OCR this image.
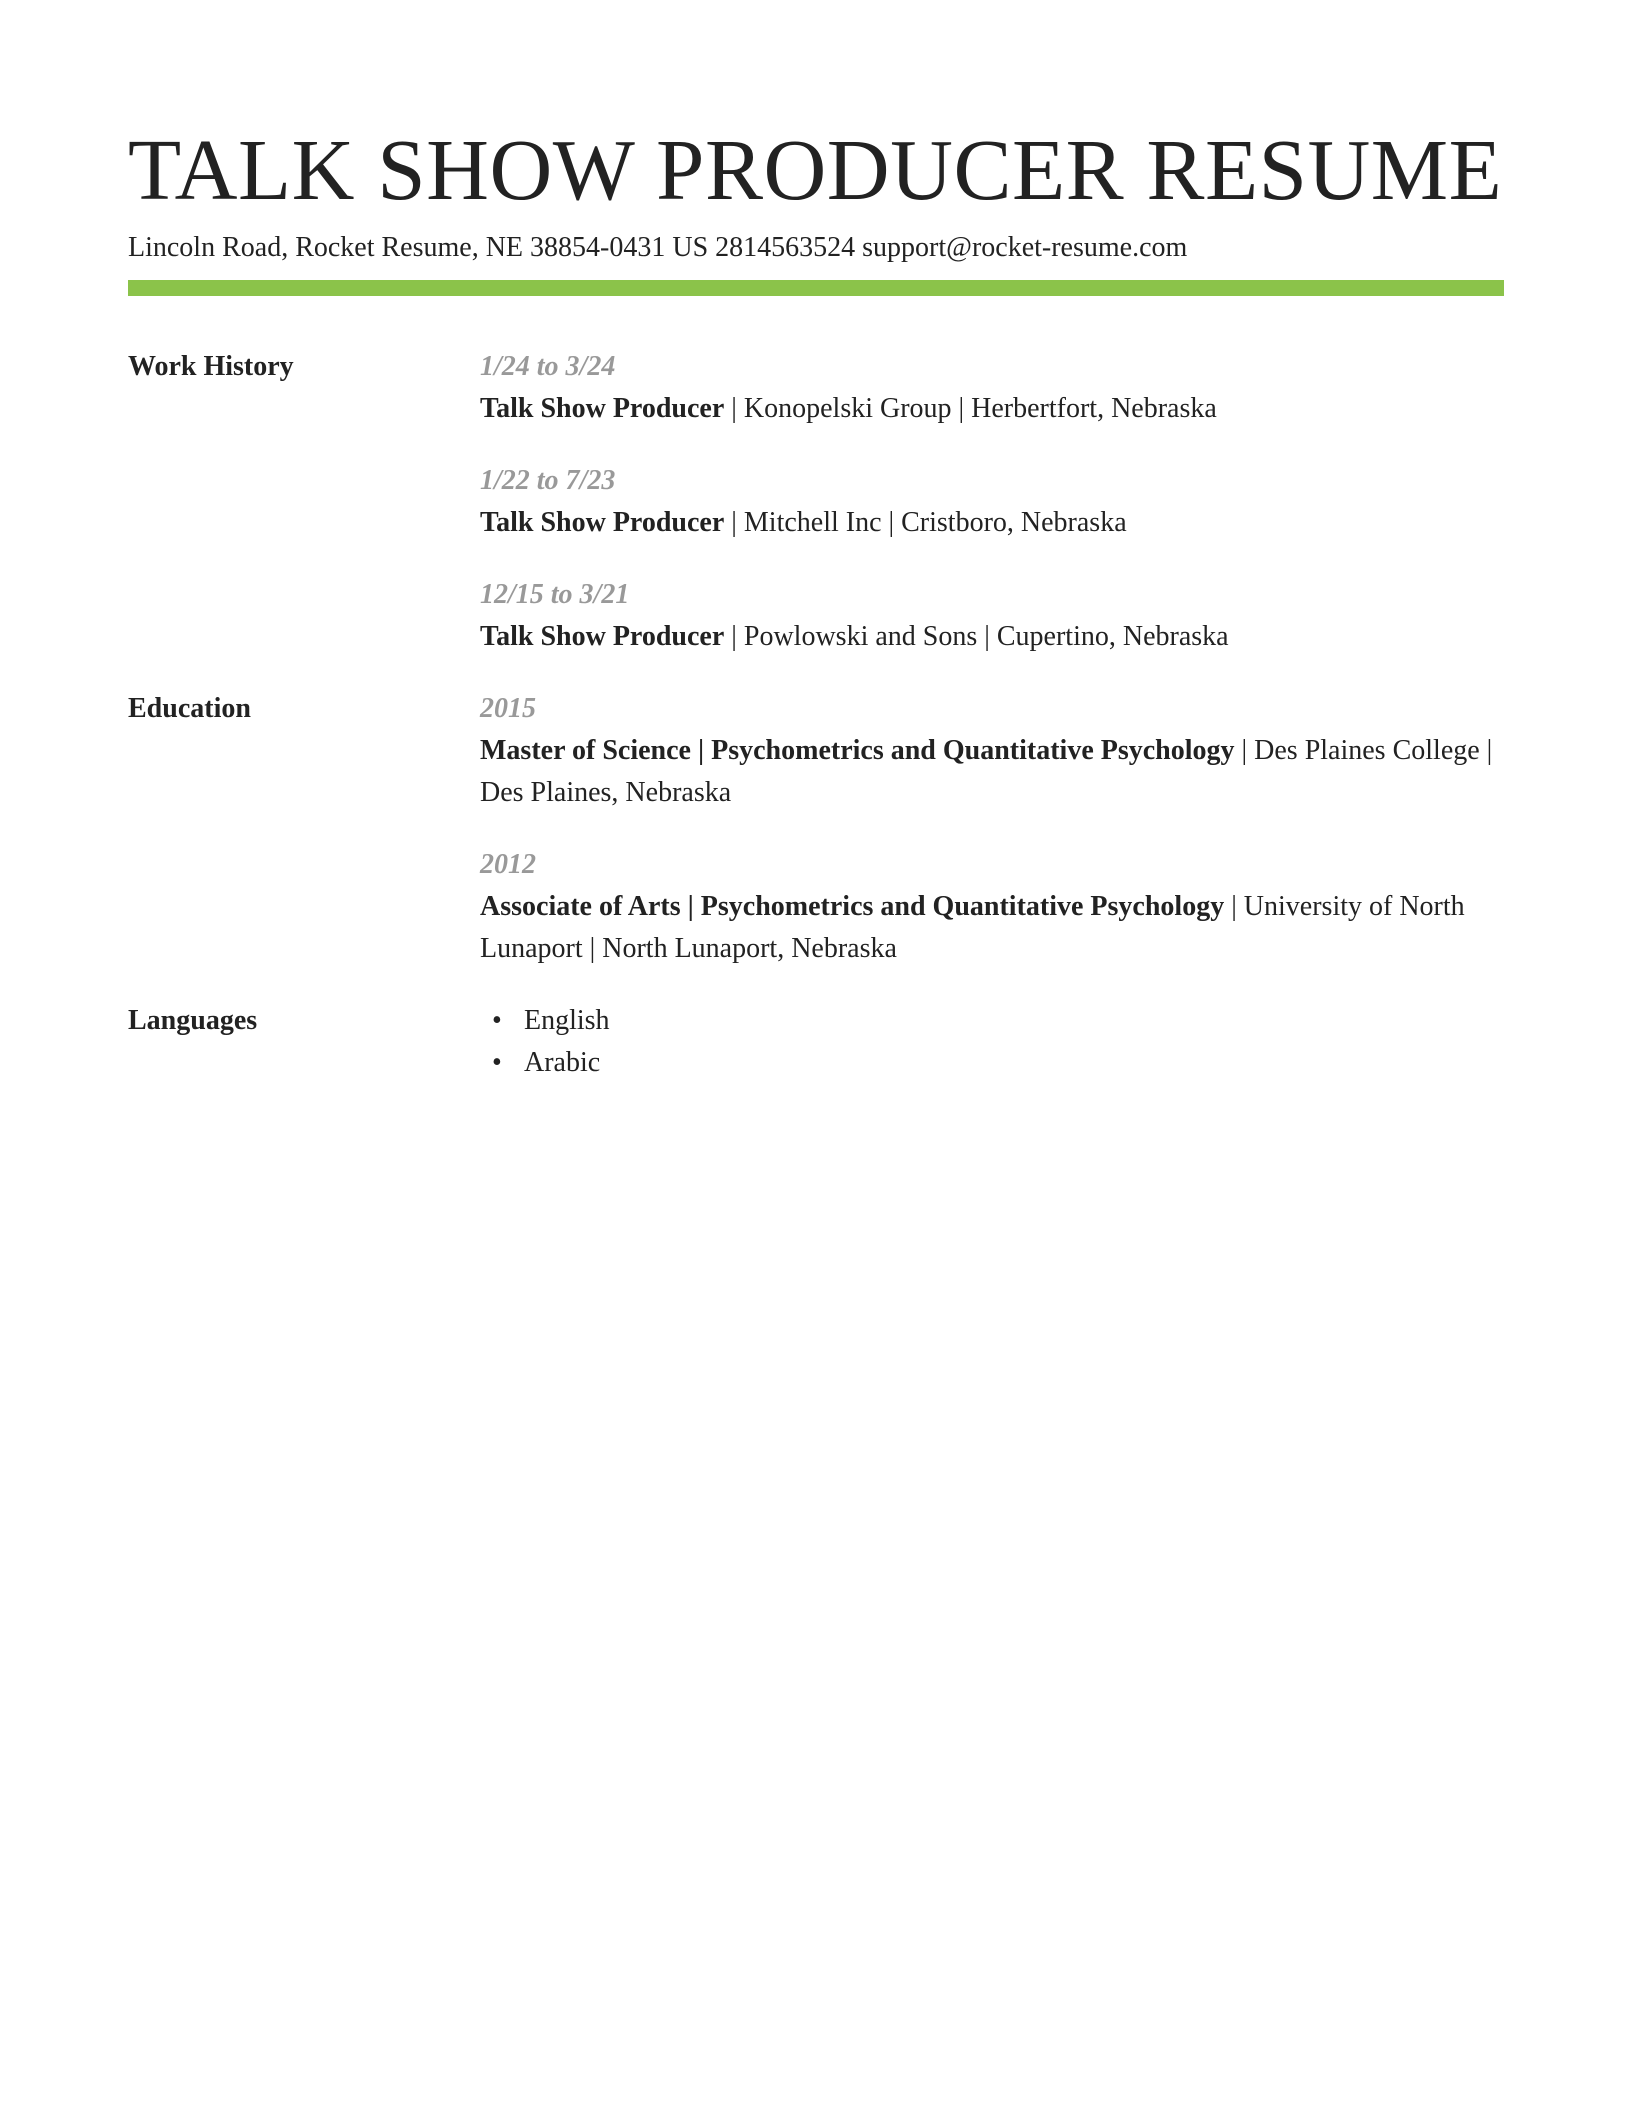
TALK SHOW PRODUCER RESUME
Lincoln Road, Rocket Resume, NE 38854-0431 US 2814563524 support@rocket-resume.com
Work History	1/24 to 3/24
Talk Show Producer | Konopelski Group | Herbertfort, Nebraska
1/22 to 7/23
Talk Show Producer | Mitchell Inc | Cristboro, Nebraska
12/15 to 3/21
Talk Show Producer | Powlowski and Sons | Cupertino, Nebraska
Education	2015
Master of Science | Psychometrics and Quantitative Psychology | Des Plaines College | Des Plaines, Nebraska
2012
Associate of Arts | Psychometrics and Quantitative Psychology | University of North Lunaport | North Lunaport, Nebraska
Languages	• English
• Arabic
